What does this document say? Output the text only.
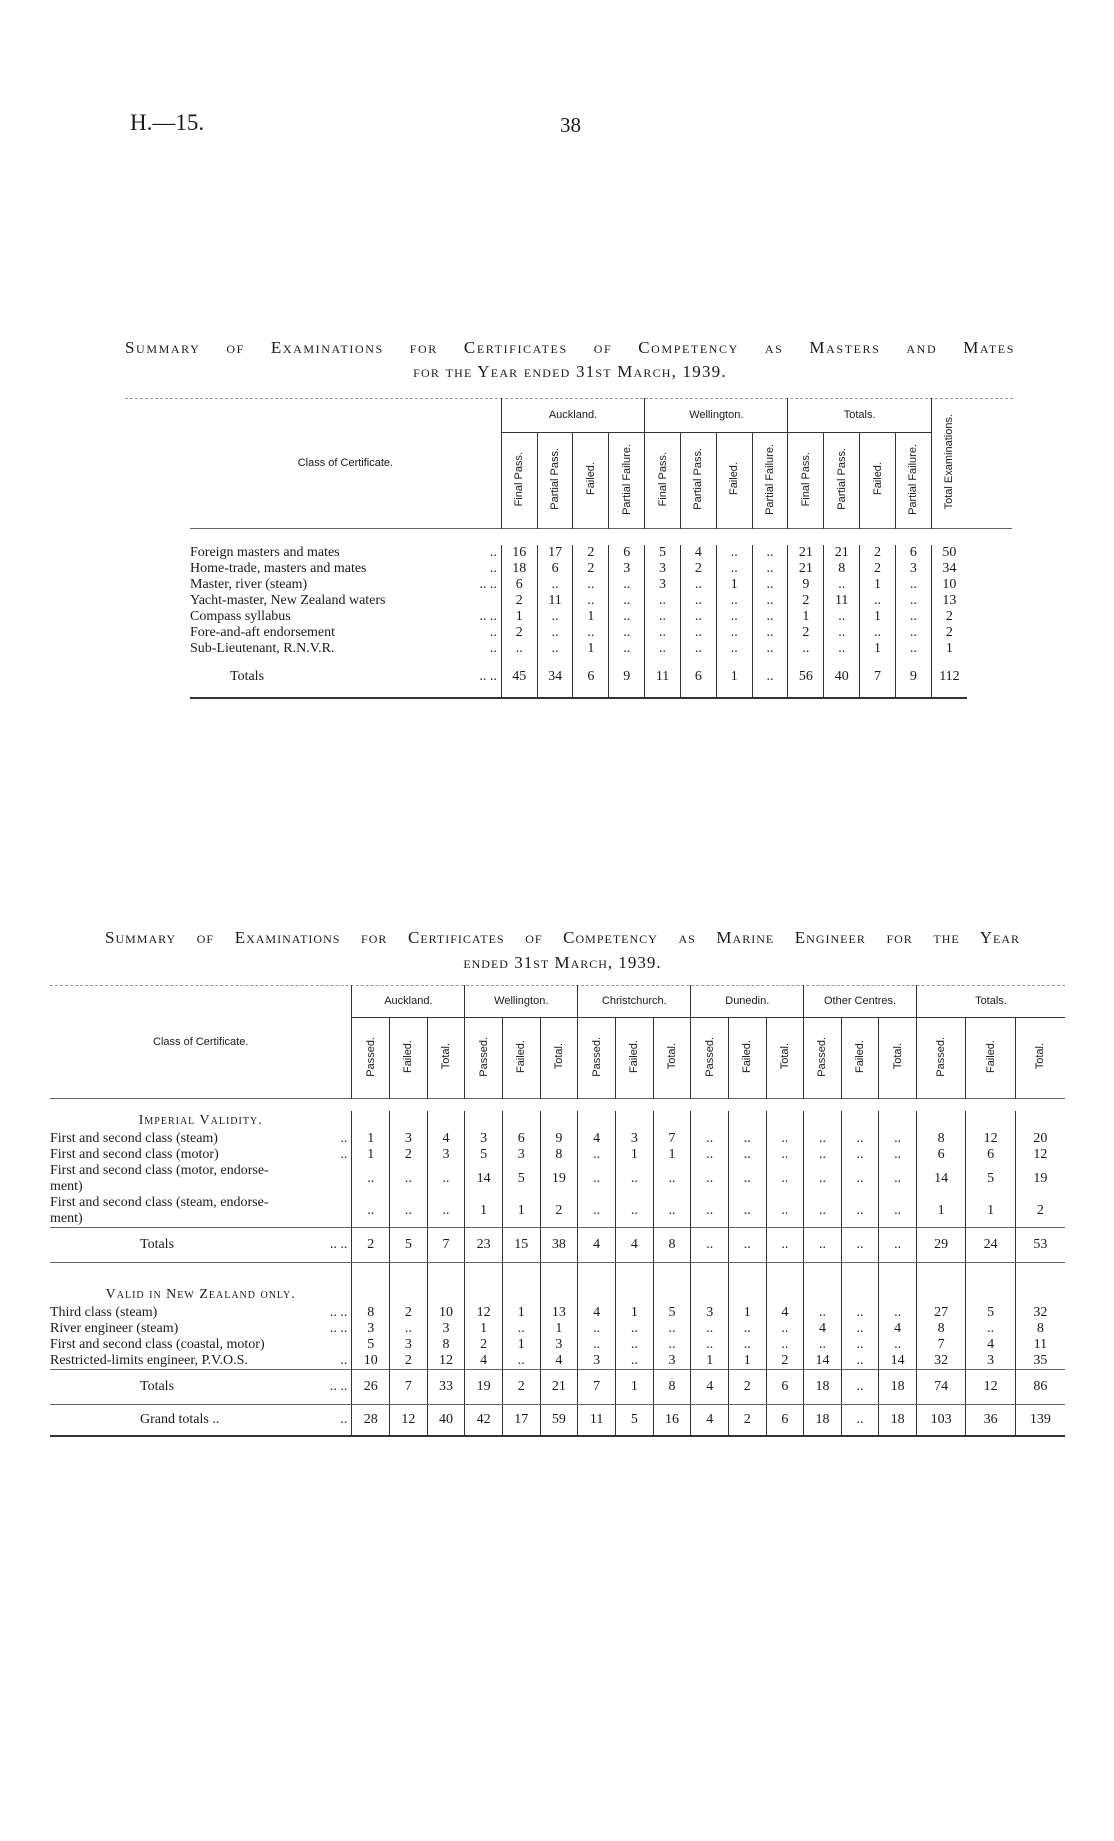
H.—15.	38
Summary of Examinations for Certificates of Competency as Masters and Mates
for the Year ended 31st March, 1939.
Class of Certificate.	Auckland.				Wellington.				Totals.				Total Examinations.
	Final Pass.	Partial Pass.	Failed.	Partial Failure.	Final Pass.	Partial Pass.	Failed.	Partial Failure.	Final Pass.	Partial Pass.	Failed.	Partial Failure.	

Foreign masters and mates ..	16	17	2	6	5	4	..	..	21	21	2	6	50
Home-trade, masters and mates ..	18	6	2	3	3	2	..	..	21	8	2	3	34
Master, river (steam) .. ..	6	..	..	..	3	..	1	..	9	..	1	..	10
Yacht-master, New Zealand waters	2	11	..	..	..	..	..	..	2	11	..	..	13
Compass syllabus .. ..	1	..	1	..	..	..	..	..	1	..	1	..	2
Fore-and-aft endorsement ..	2	..	..	..	..	..	..	..	2	..	..	..	2
Sub-Lieutenant, R.N.V.R. ..	..	..	1	..	..	..	..	..	..	..	1	..	1
Totals .. ..	45	34	6	9	11	6	1	..	56	40	7	9	112
Summary of Examinations for Certificates of Competency as Marine Engineer for the Year
ended 31st March, 1939.
Class of Certificate.	Auckland.			Wellington.			Christchurch.			Dunedin.			Other Centres.			Totals.		
	Passed.	Failed.	Total.	Passed.	Failed.	Total.	Passed.	Failed.	Total.	Passed.	Failed.	Total.	Passed.	Failed.	Total.	Passed.	Failed.	Total.

Imperial Validity.																		
First and second class (steam) ..	1	3	4	3	6	9	4	3	7	..	..	..	..	..	..	8	12	20
First and second class (motor) ..	1	2	3	5	3	8	..	1	1	..	..	..	..	..	..	6	6	12
First and second class (motor, endorse-

ment)	..	..	..	14	5	19	..	..	..	..	..	..	..	..	..	14	5	19
First and second class (steam, endorse-

ment)	..	..	..	1	1	2	..	..	..	..	..	..	..	..	..	1	1	2
Totals .. ..	2	5	7	23	15	38	4	4	8	..	..	..	..	..	..	29	24	53

Valid in New Zealand only.																		
Third class (steam) .. ..	8	2	10	12	1	13	4	1	5	3	1	4	..	..	..	27	5	32
River engineer (steam) .. ..	3	..	3	1	..	1	..	..	..	..	..	..	4	..	4	8	..	8
First and second class (coastal, motor)	5	3	8	2	1	3	..	..	..	..	..	..	..	..	..	7	4	11
Restricted-limits engineer, P.V.O.S. ..	10	2	12	4	..	4	3	..	3	1	1	2	14	..	14	32	3	35
Totals .. ..	26	7	33	19	2	21	7	1	8	4	2	6	18	..	18	74	12	86
Grand totals .. ..	28	12	40	42	17	59	11	5	16	4	2	6	18	..	18	103	36	139
